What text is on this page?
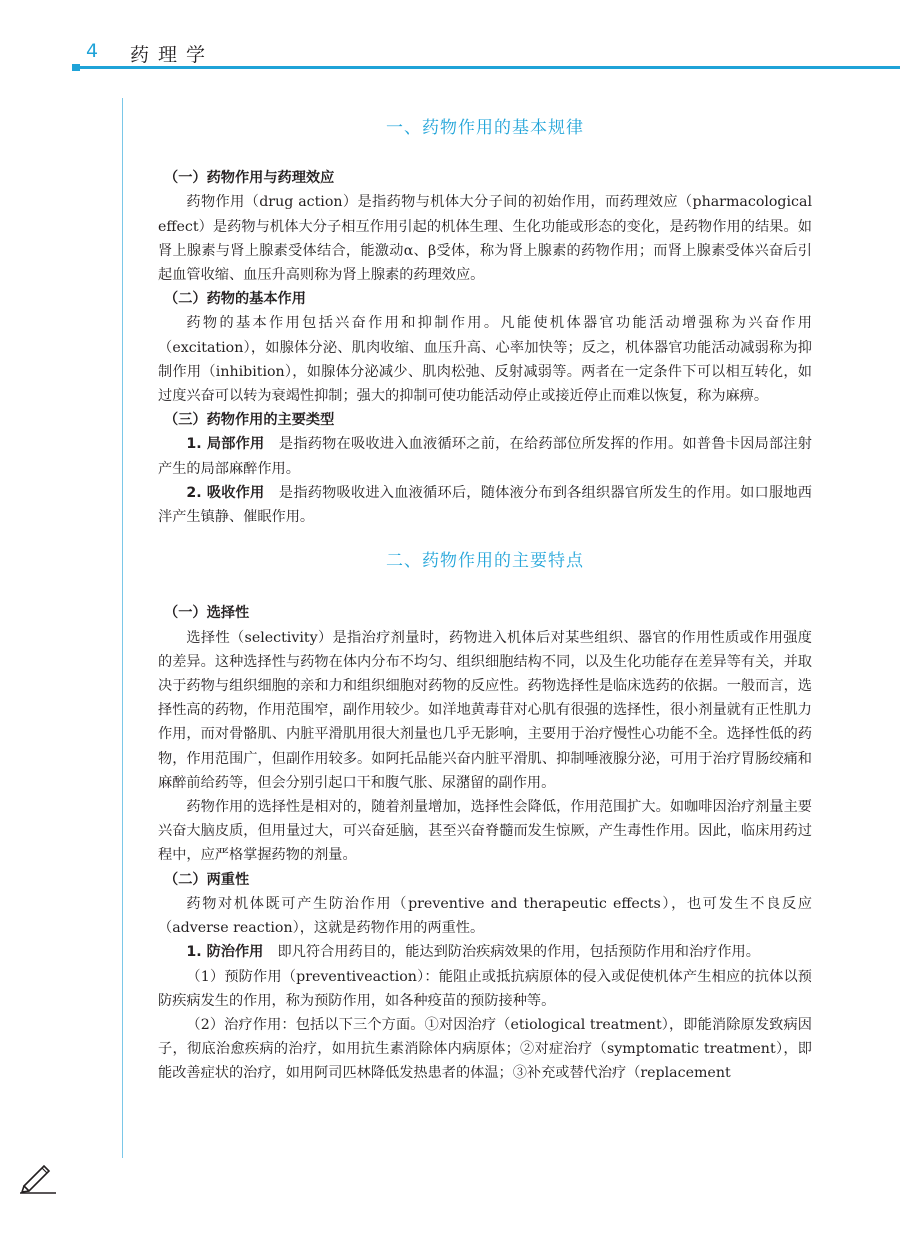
4 药理学
一、药物作用的基本规律
（一）药物作用与药理效应

药物作用（drug action）是指药物与机体大分子间的初始作用，而药理效应（pharmacological effect）是药物与机体大分子相互作用引起的机体生理、生化功能或形态的变化，是药物作用的结果。如肾上腺素与肾上腺素受体结合，能激动α、β受体，称为肾上腺素的药物作用；而肾上腺素受体兴奋后引起血管收缩、血压升高则称为肾上腺素的药理效应。

（二）药物的基本作用

药物的基本作用包括兴奋作用和抑制作用。凡能使机体器官功能活动增强称为兴奋作用（excitation），如腺体分泌、肌肉收缩、血压升高、心率加快等；反之，机体器官功能活动减弱称为抑制作用（inhibition），如腺体分泌减少、肌肉松弛、反射减弱等。两者在一定条件下可以相互转化，如过度兴奋可以转为衰竭性抑制；强大的抑制可使功能活动停止或接近停止而难以恢复，称为麻痹。

（三）药物作用的主要类型

1. 局部作用　 是指药物在吸收进入血液循环之前，在给药部位所发挥的作用。如普鲁卡因局部注射产生的局部麻醉作用。

2. 吸收作用　 是指药物吸收进入血液循环后，随体液分布到各组织器官所发生的作用。如口服地西泮产生镇静、催眠作用。

二、药物作用的主要特点
（一）选择性

选择性（selectivity）是指治疗剂量时，药物进入机体后对某些组织、器官的作用性质或作用强度的差异。这种选择性与药物在体内分布不均匀、组织细胞结构不同，以及生化功能存在差异等有关，并取决于药物与组织细胞的亲和力和组织细胞对药物的反应性。药物选择性是临床选药的依据。一般而言，选择性高的药物，作用范围窄，副作用较少。如洋地黄毒苷对心肌有很强的选择性，很小剂量就有正性肌力作用，而对骨骼肌、内脏平滑肌用很大剂量也几乎无影响，主要用于治疗慢性心功能不全。选择性低的药物，作用范围广，但副作用较多。如阿托品能兴奋内脏平滑肌、抑制唾液腺分泌，可用于治疗胃肠绞痛和麻醉前给药等，但会分别引起口干和腹气胀、尿潴留的副作用。

药物作用的选择性是相对的，随着剂量增加，选择性会降低，作用范围扩大。如咖啡因治疗剂量主要兴奋大脑皮质，但用量过大，可兴奋延脑，甚至兴奋脊髓而发生惊厥，产生毒性作用。因此，临床用药过程中，应严格掌握药物的剂量。

（二）两重性

药物对机体既可产生防治作用（preventive and therapeutic effects），也可发生不良反应（adverse reaction），这就是药物作用的两重性。

1. 防治作用　 即凡符合用药目的，能达到防治疾病效果的作用，包括预防作用和治疗作用。

（1）预防作用（preventiveaction）：能阻止或抵抗病原体的侵入或促使机体产生相应的抗体以预防疾病发生的作用，称为预防作用，如各种疫苗的预防接种等。

（2）治疗作用：包括以下三个方面。①对因治疗（etiological treatment），即能消除原发致病因子，彻底治愈疾病的治疗，如用抗生素消除体内病原体；②对症治疗（symptomatic treatment），即能改善症状的治疗，如用阿司匹林降低发热患者的体温；③补充或替代治疗（replacement
